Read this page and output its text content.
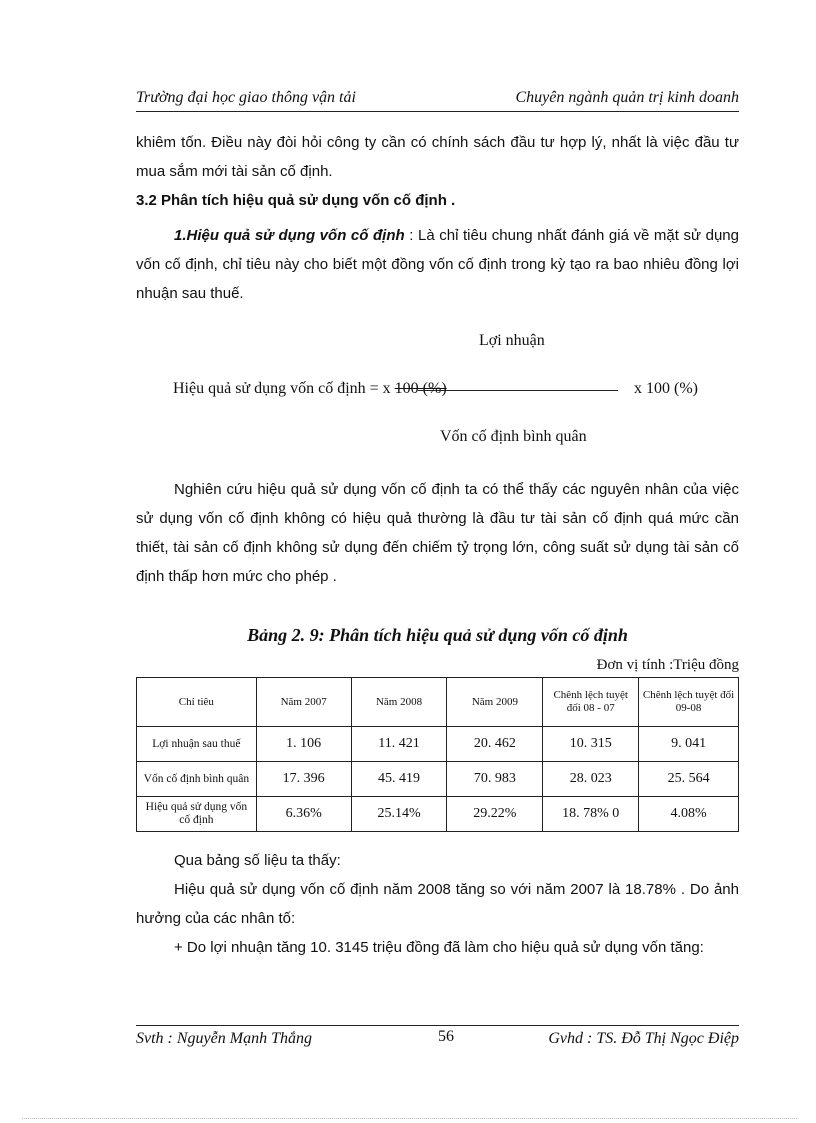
Trường đại học giao thông vận tải	Chuyên ngành quản trị kinh doanh

khiêm tốn. Điều này đòi hỏi công ty cần có chính sách đầu tư hợp lý, nhất là việc đầu tư mua sắm mới tài sản cố định.

3.2 Phân tích hiệu quả sử dụng vốn cố định .

1.Hiệu quả sử dụng vốn cố định : Là chỉ tiêu chung nhất đánh giá về mặt sử dụng vốn cố định, chỉ tiêu này cho biết một đồng vốn cố định trong kỳ tạo ra bao nhiêu đồng lợi nhuận sau thuế.

Lợi nhuận
Hiệu quả sử dụng vốn cố định = x 100 (%)	x 100 (%)
Vốn cố định bình quân

Nghiên cứu hiệu quả sử dụng vốn cố định ta có thể thấy các nguyên nhân của việc sử dụng vốn cố định không có hiệu quả thường là đầu tư tài sản cố định quá mức cần thiết, tài sản cố định không sử dụng đến chiếm tỷ trọng lớn, công suất sử dụng tài sản cố định thấp hơn mức cho phép .

Bảng 2. 9: Phân tích hiệu quả sử dụng vốn cố định
Đơn vị tính :Triệu đồng
Chỉ tiêu	Năm 2007	Năm 2008	Năm 2009	Chênh lệch tuyệt đối 08 - 07	Chênh lệch tuyệt đối 09-08
Lợi nhuận sau thuế	1. 106	11. 421	20. 462	10. 315	9. 041
Vốn cố định bình quân	17. 396	45. 419	70. 983	28. 023	25. 564
Hiệu quả sử dụng vốn cố định	6.36%	25.14%	29.22%	18. 78% 0	4.08%

Qua bảng số liệu ta thấy:

Hiệu quả sử dụng vốn cố định năm 2008 tăng so với năm 2007 là 18.78% . Do ảnh hưởng của các nhân tố:

+ Do lợi nhuận tăng 10. 3145 triệu đồng đã làm cho hiệu quả sử dụng vốn tăng:

Svth : Nguyễn Mạnh Thắng	56	Gvhd : TS. Đỗ Thị Ngọc Điệp
